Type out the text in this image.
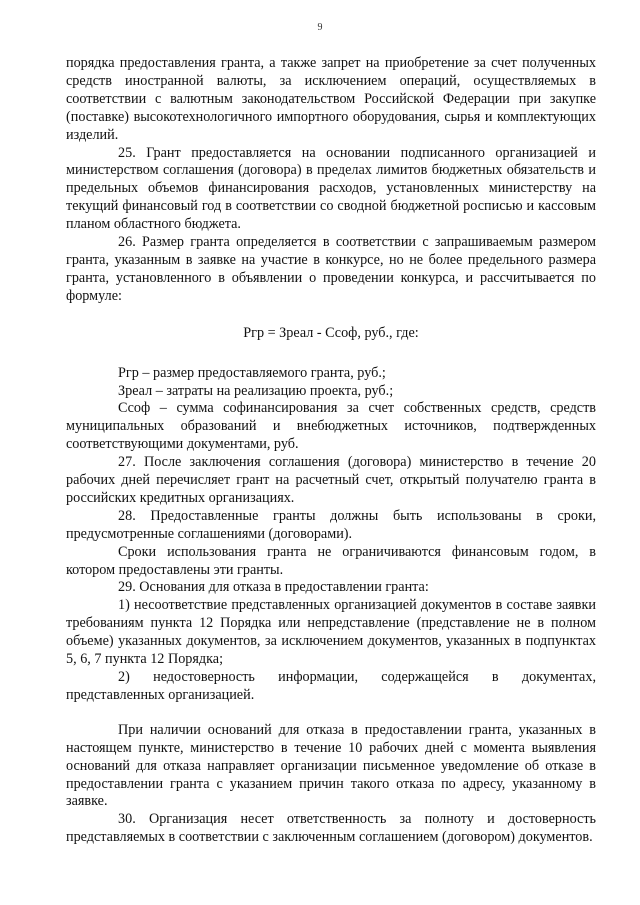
9

порядка предоставления гранта, а также запрет на приобретение за счет полученных средств иностранной валюты, за исключением операций, осуществляемых в соответствии с валютным законодательством Российской Федерации при закупке (поставке) высокотехнологичного импортного оборудования, сырья и комплектующих изделий.

25. Грант предоставляется на основании подписанного организацией и министерством соглашения (договора) в пределах лимитов бюджетных обязательств и предельных объемов финансирования расходов, установленных министерству на текущий финансовый год в соответствии со сводной бюджетной росписью и кассовым планом областного бюджета.

26. Размер гранта определяется в соответствии с запрашиваемым размером гранта, указанным в заявке на участие в конкурсе, но не более предельного размера гранта, установленного в объявлении о проведении конкурса, и рассчитывается по формуле:

Ргр = Зреал - Ссоф, руб., где:

Ргр – размер предоставляемого гранта, руб.;

Зреал – затраты на реализацию проекта, руб.;

Ссоф – сумма софинансирования за счет собственных средств, средств муниципальных образований и внебюджетных источников, подтвержденных соответствующими документами, руб.

27. После заключения соглашения (договора) министерство в течение 20 рабочих дней перечисляет грант на расчетный счет, открытый получателю гранта в российских кредитных организациях.

28. Предоставленные гранты должны быть использованы в сроки, предусмотренные соглашениями (договорами).

Сроки использования гранта не ограничиваются финансовым годом, в котором предоставлены эти гранты.

29. Основания для отказа в предоставлении гранта:

1) несоответствие представленных организацией документов в составе заявки требованиям пункта 12 Порядка или непредставление (представление не в полном объеме) указанных документов, за исключением документов, указанных в подпунктах 5, 6, 7 пункта 12 Порядка;

2) недостоверность информации, содержащейся в документах, представленных организацией.

При наличии оснований для отказа в предоставлении гранта, указанных в настоящем пункте, министерство в течение 10 рабочих дней с момента выявления оснований для отказа направляет организации письменное уведомление об отказе в предоставлении гранта с указанием причин такого отказа по адресу, указанному в заявке.

30. Организация несет ответственность за полноту и достоверность представляемых в соответствии с заключенным соглашением (договором) документов.
